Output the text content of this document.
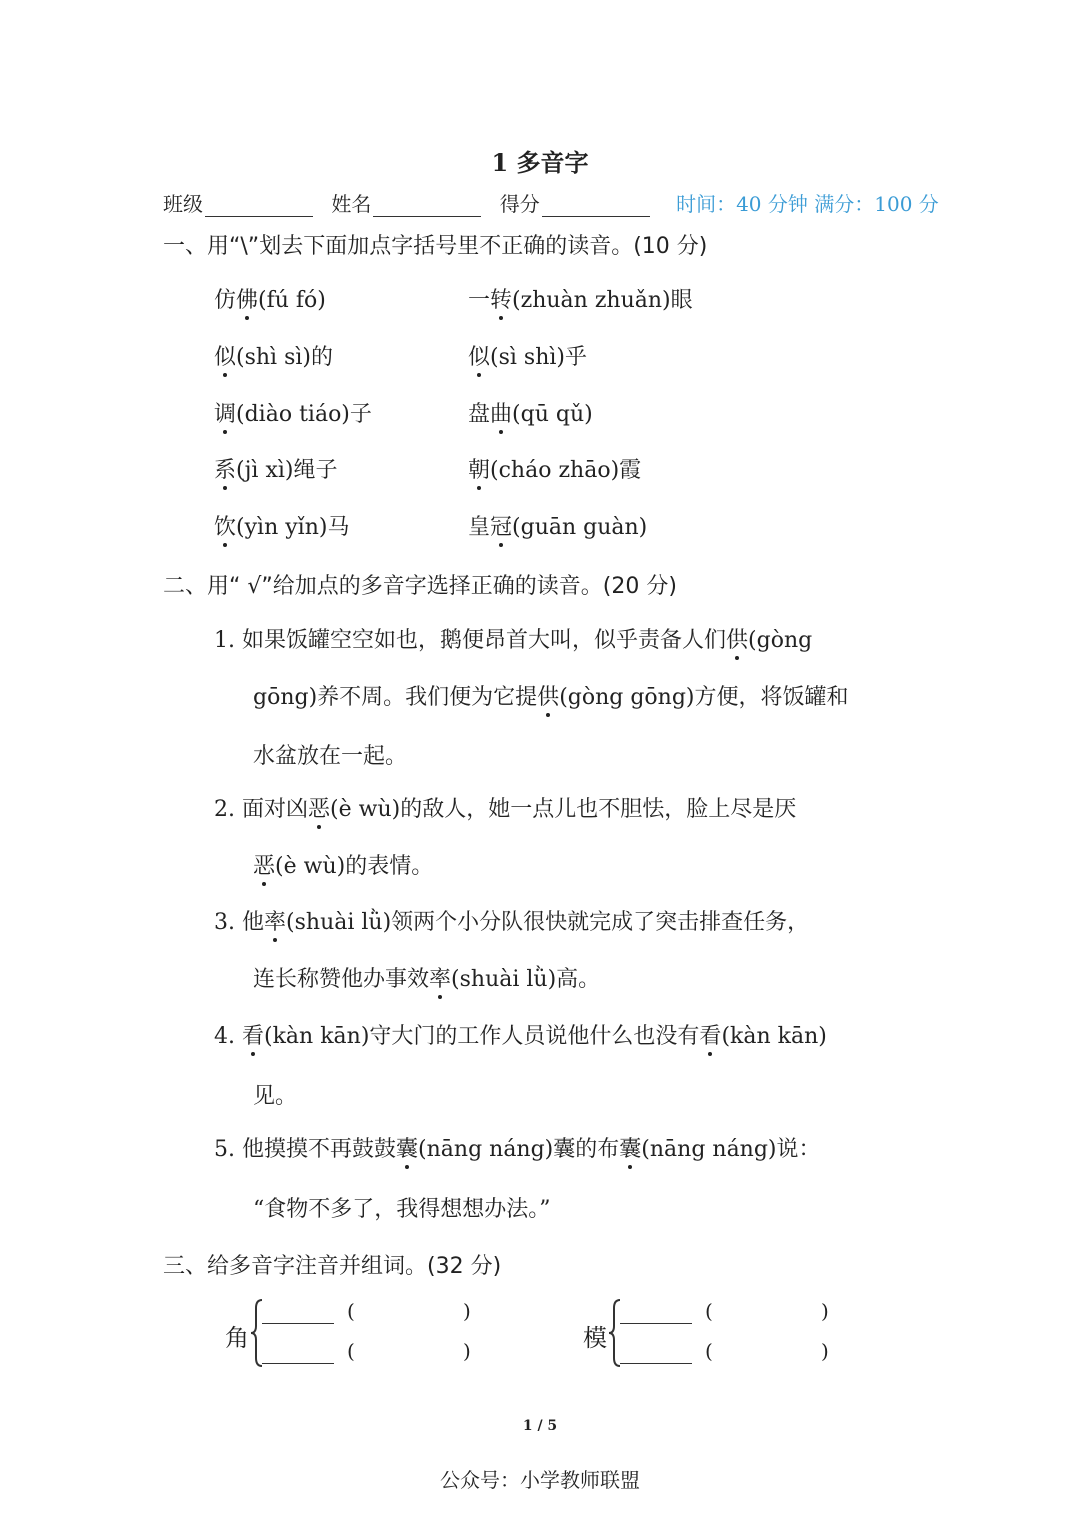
1 多音字
班级	姓名	得分	时间：40 分钟 满分：100 分
一、用“\”划去下面加点字括号里不正确的读音。(10 分)
仿佛(fú fó)	一转(zhuàn zhuǎn)眼
似(shì sì)的	似(sì shì)乎
调(diào tiáo)子	盘曲(qū qǔ)
系(jì xì)绳子	朝(cháo zhāo)霞
饮(yìn yǐn)马	皇冠(guān guàn)
二、用“ √”给加点的多音字选择正确的读音。(20 分)
1. 如果饭罐空空如也，鹅便昂首大叫，似乎责备人们供(gòng
gōng)养不周。我们便为它提供(gòng gōng)方便，将饭罐和
水盆放在一起。
2. 面对凶恶(è wù)的敌人，她一点儿也不胆怯，脸上尽是厌
恶(è wù)的表情。
3. 他率(shuài lǜ)领两个小分队很快就完成了突击排查任务，
连长称赞他办事效率(shuài lǜ)高。
4. 看(kàn kān)守大门的工作人员说他什么也没有看(kàn kān)
见。
5. 他摸摸不再鼓鼓囊(nāng náng)囊的布囊(nāng náng)说：
“食物不多了，我得想想办法。”
三、给多音字注音并组词。(32 分)
角
(	)
(	)	模
(	)
(	)
1 / 5
公众号：小学教师联盟
